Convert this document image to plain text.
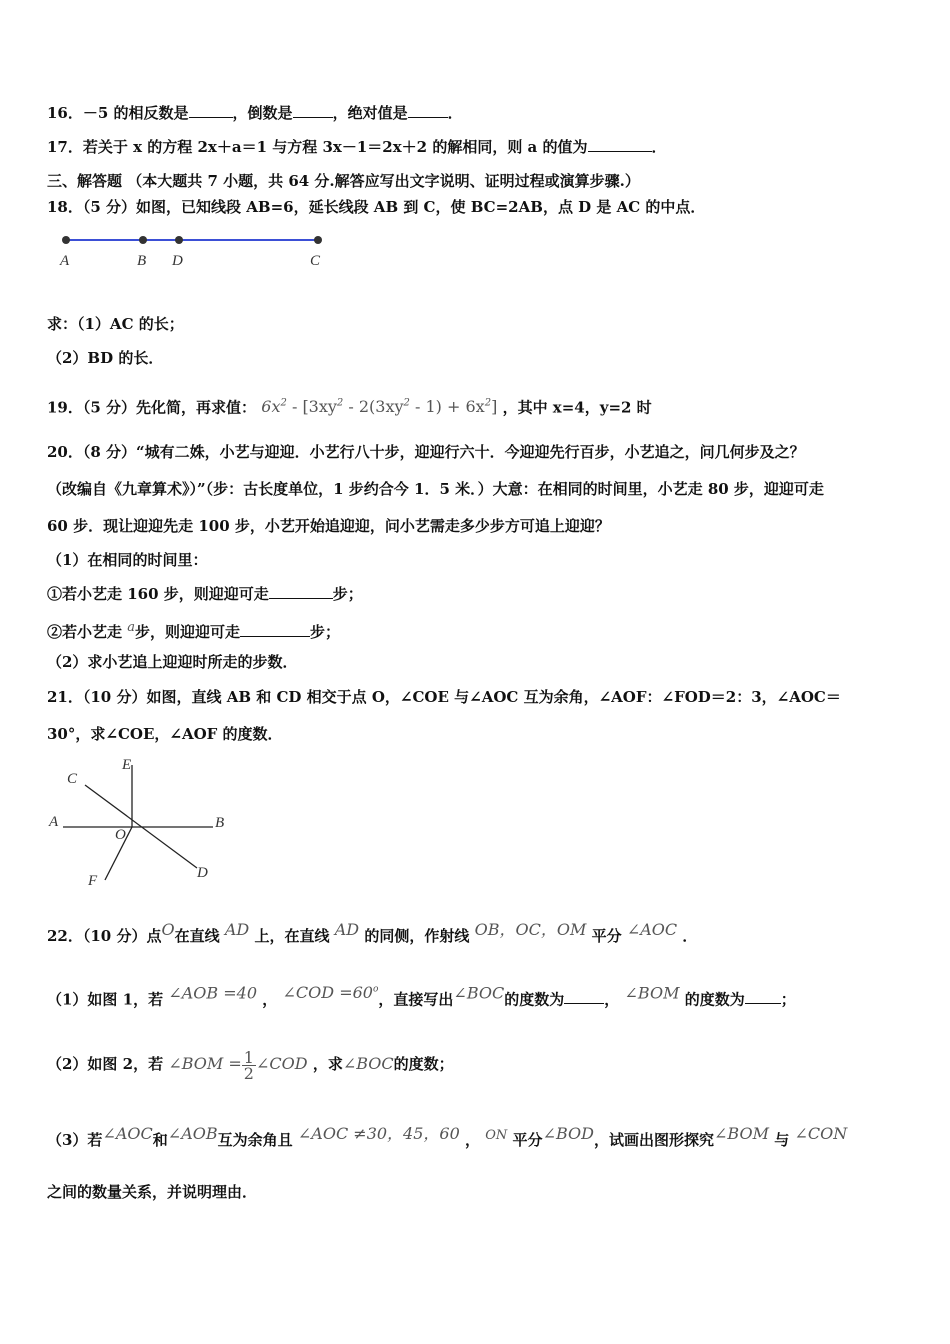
16．－5 的相反数是	，倒数是	，绝对值是	．
17．若关于 x 的方程 2x＋a＝1 与方程 3x－1＝2x＋2 的解相同，则 a 的值为	．
三、解答题 （本大题共 7 小题，共 64 分.解答应写出文字说明、证明过程或演算步骤.）
18．（5 分）如图，已知线段 AB=6，延长线段 AB 到 C，使 BC=2AB，点 D 是 AC 的中点．
A	B D	C
求：（1）AC 的长；
（2）BD 的长．
19．（5 分）先化简，再求值： $6x^2 - [3xy^2 - 2(3xy^2 - 1) + 6x^2]$ ，其中 x=4，y=2 时
20．（8 分）“城有二姝，小艺与迎迎．小艺行八十步，迎迎行六十．今迎迎先行百步，小艺追之，问几何步及之？
（改编自《九章算术》）”（步：古长度单位，1 步约合今 1．5 米．）大意：在相同的时间里，小艺走 80 步，迎迎可走
60 步．现让迎迎先走 100 步，小艺开始追迎迎，问小艺需走多少步方可追上迎迎？
（1）在相同的时间里：
①若小艺走 160 步，则迎迎可走	步；
②若小艺走 $^a$步，则迎迎可走	步；
（2）求小艺追上迎迎时所走的步数．
21．（10 分）如图，直线 AB 和 CD 相交于点 O，∠COE 与∠AOC 互为余角，∠AOF：∠FOD＝2：3，∠AOC＝
30°，求∠COE，∠AOF 的度数．
C
E
A
O
B
F	D
22．（10 分）点$^O$在直线 $^{AD}$ 上，在直线 $^{AD}$ 的同侧，作射线 $^{OB,OC,OM}$ 平分 $^{\angle AOC}$ ．
（1）如图 1，若 $^{\angle AOB =40}$ ， $^{\angle COD =60^o}$，直接写出$^{\angle BOC}$的度数为	， $^{\angle BOM}$ 的度数为 ；
（2）如图 2，若 ∠BOM = $\frac{1}{2}$ ∠COD ，求∠BOC的度数；
（3）若$^{\angle AOC}$和$^{\angle AOB}$互为余角且 $^{\angle AOC \ne 30,45,60}$ ， $^{ON}$ 平分$^{\angle BOD}$，试画出图形探究$^{\angle BOM}$ 与 $^{\angle CON}$
之间的数量关系，并说明理由．
